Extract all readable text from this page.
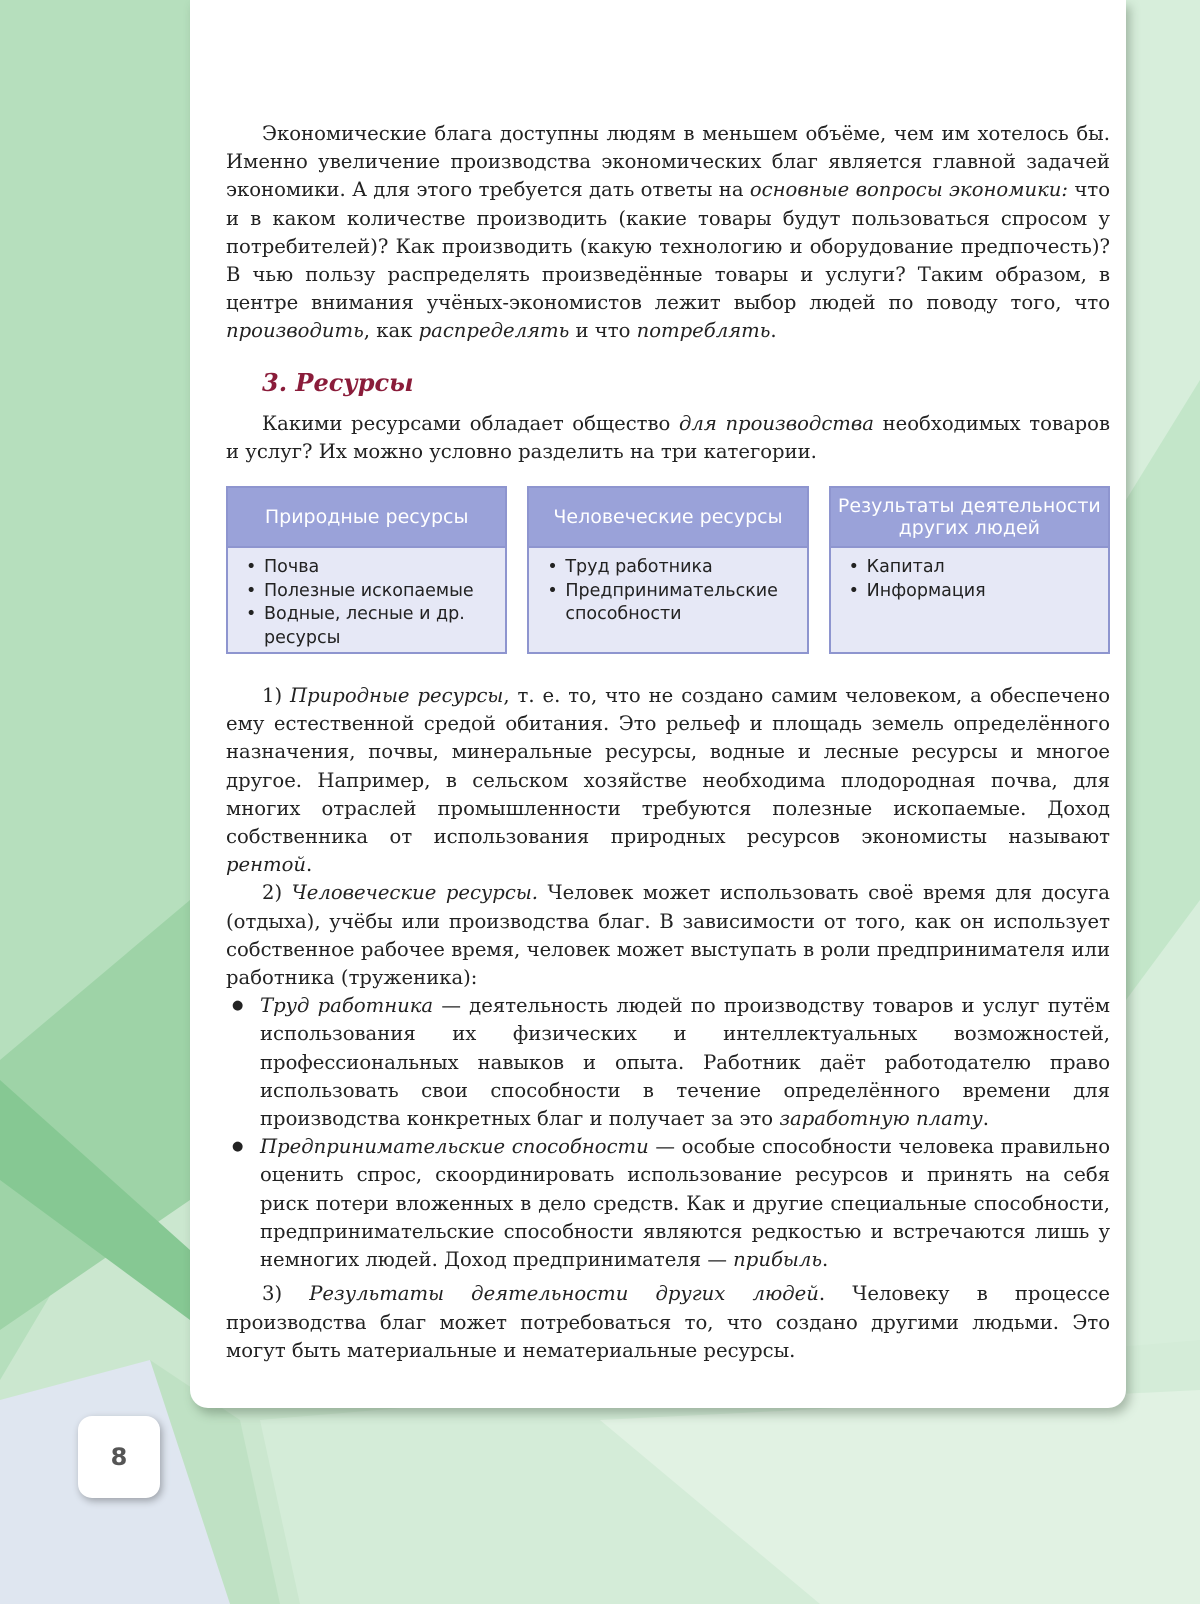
Экономические блага доступны людям в меньшем объёме, чем им хотелось бы. Именно увеличение производства экономических благ является главной задачей экономики. А для этого требуется дать ответы на основные вопросы экономики: что и в каком количестве производить (какие товары будут пользоваться спросом у потребителей)? Как производить (какую технологию и оборудование предпочесть)? В чью пользу распределять произведённые товары и услуги? Таким образом, в центре внимания учёных-экономистов лежит выбор людей по поводу того, что производить, как распределять и что потреблять.

3. Ресурсы

Какими ресурсами обладает общество для производства необходимых товаров и услуг? Их можно условно разделить на три категории.

Природные ресурсы
• Почва
• Полезные ископаемые
• Водные, лесные и др. ресурсы
Человеческие ресурсы
• Труд работника
• Предпринимательские способности
Результаты деятельности других людей
• Капитал
• Информация

1) Природные ресурсы, т. е. то, что не создано самим человеком, а обеспечено ему естественной средой обитания. Это рельеф и площадь земель определённого назначения, почвы, минеральные ресурсы, водные и лесные ресурсы и многое другое. Например, в сельском хозяйстве необходима плодородная почва, для многих отраслей промышленности требуются полезные ископаемые. Доход собственника от использования природных ресурсов экономисты называют рентой.

2) Человеческие ресурсы. Человек может использовать своё время для досуга (отдыха), учёбы или производства благ. В зависимости от того, как он использует собственное рабочее время, человек может выступать в роли предпринимателя или работника (труженика):

● Труд работника — деятельность людей по производству товаров и услуг путём использования их физических и интеллектуальных возможностей, профессиональных навыков и опыта. Работник даёт работодателю право использовать свои способности в течение определённого времени для производства конкретных благ и получает за это заработную плату.
● Предпринимательские способности — особые способности человека правильно оценить спрос, скоординировать использование ресурсов и принять на себя риск потери вложенных в дело средств. Как и другие специальные способности, предпринимательские способности являются редкостью и встречаются лишь у немногих людей. Доход предпринимателя — прибыль.

3) Результаты деятельности других людей. Человеку в процессе производства благ может потребоваться то, что создано другими людьми. Это могут быть материальные и нематериальные ресурсы.

8
